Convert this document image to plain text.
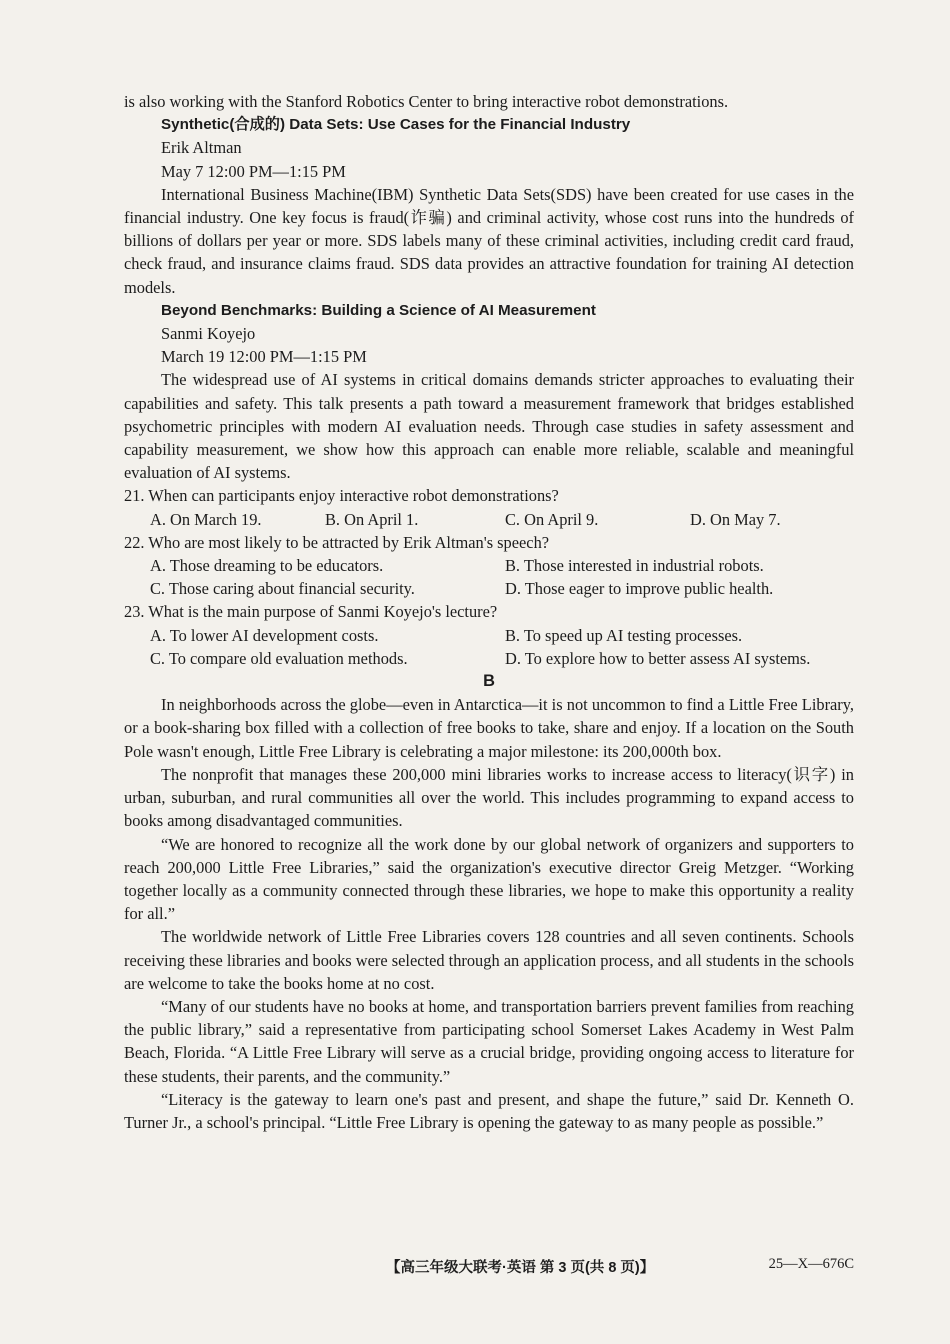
is also working with the Stanford Robotics Center to bring interactive robot demonstrations.

Synthetic(合成的) Data Sets: Use Cases for the Financial Industry

Erik Altman

May 7 12:00 PM—1:15 PM

International Business Machine(IBM) Synthetic Data Sets(SDS) have been created for use cases in the financial industry. One key focus is fraud(诈骗) and criminal activity, whose cost runs into the hundreds of billions of dollars per year or more. SDS labels many of these criminal activities, including credit card fraud, check fraud, and insurance claims fraud. SDS data provides an attractive foundation for training AI detection models.

Beyond Benchmarks: Building a Science of AI Measurement

Sanmi Koyejo

March 19 12:00 PM—1:15 PM

The widespread use of AI systems in critical domains demands stricter approaches to evaluating their capabilities and safety. This talk presents a path toward a measurement framework that bridges established psychometric principles with modern AI evaluation needs. Through case studies in safety assessment and capability measurement, we show how this approach can enable more reliable, scalable and meaningful evaluation of AI systems.

21. When can participants enjoy interactive robot demonstrations?

A. On March 19.	B. On April 1.	C. On April 9.	D. On May 7.

22. Who are most likely to be attracted by Erik Altman's speech?

A. Those dreaming to be educators.	B. Those interested in industrial robots.
C. Those caring about financial security.	D. Those eager to improve public health.

23. What is the main purpose of Sanmi Koyejo's lecture?

A. To lower AI development costs.	B. To speed up AI testing processes.
C. To compare old evaluation methods.	D. To explore how to better assess AI systems.

B

In neighborhoods across the globe—even in Antarctica—it is not uncommon to find a Little Free Library, or a book-sharing box filled with a collection of free books to take, share and enjoy. If a location on the South Pole wasn't enough, Little Free Library is celebrating a major milestone: its 200,000th box.

The nonprofit that manages these 200,000 mini libraries works to increase access to literacy(识字) in urban, suburban, and rural communities all over the world. This includes programming to expand access to books among disadvantaged communities.

“We are honored to recognize all the work done by our global network of organizers and supporters to reach 200,000 Little Free Libraries,” said the organization's executive director Greig Metzger. “Working together locally as a community connected through these libraries, we hope to make this opportunity a reality for all.”

The worldwide network of Little Free Libraries covers 128 countries and all seven continents. Schools receiving these libraries and books were selected through an application process, and all students in the schools are welcome to take the books home at no cost.

“Many of our students have no books at home, and transportation barriers prevent families from reaching the public library,” said a representative from participating school Somerset Lakes Academy in West Palm Beach, Florida. “A Little Free Library will serve as a crucial bridge, providing ongoing access to literature for these students, their parents, and the community.”

“Literacy is the gateway to learn one's past and present, and shape the future,” said Dr. Kenneth O. Turner Jr., a school's principal. “Little Free Library is opening the gateway to as many people as possible.”

【高三年级大联考·英语 第 3 页(共 8 页)】	25—X—676C
